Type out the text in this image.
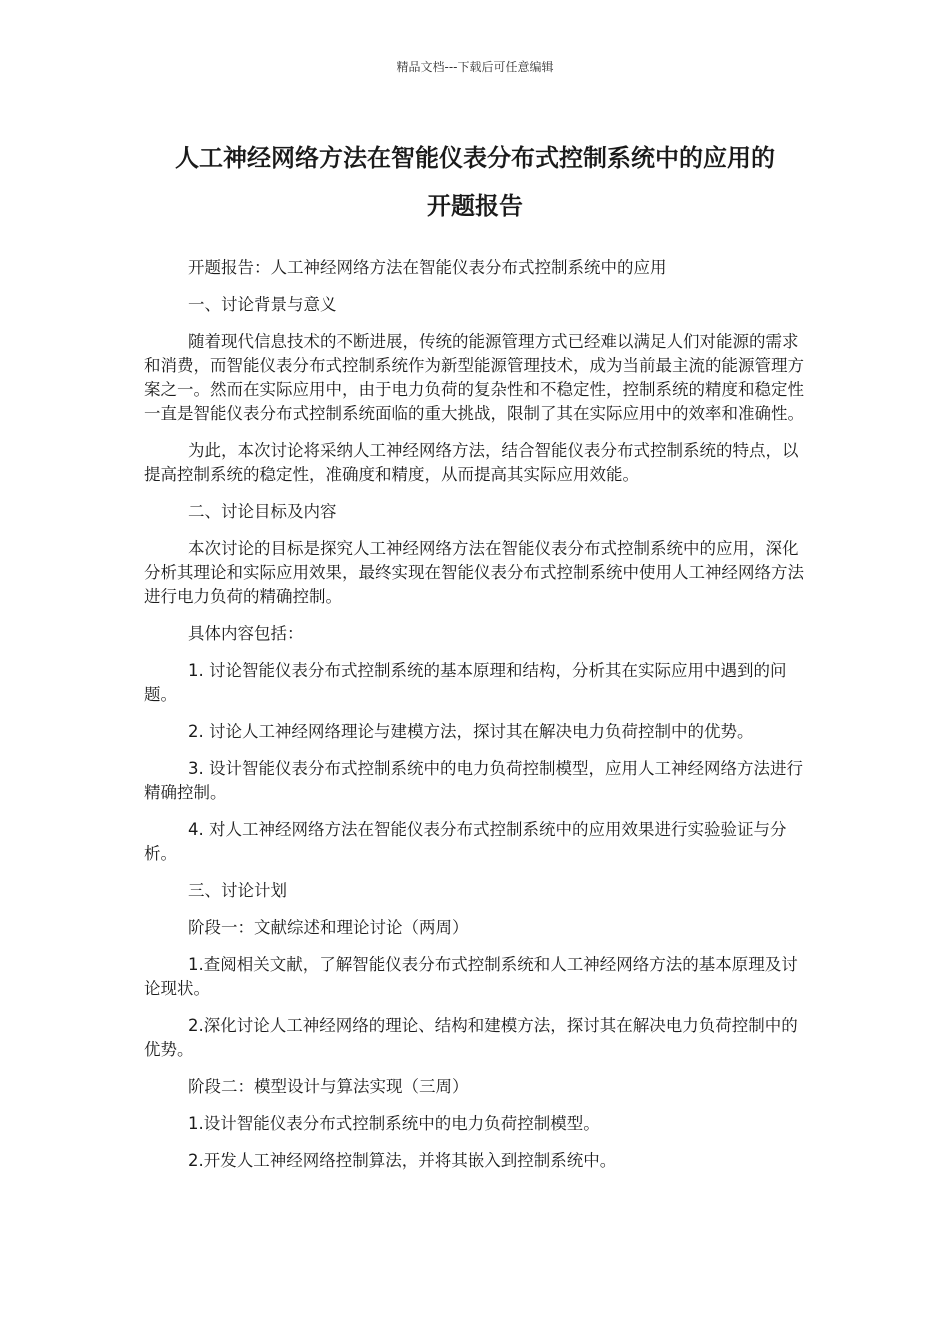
精品文档---下载后可任意编辑
人工神经网络方法在智能仪表分布式控制系统中的应用的
开题报告

开题报告：人工神经网络方法在智能仪表分布式控制系统中的应用

一、讨论背景与意义

随着现代信息技术的不断进展，传统的能源管理方式已经难以满足人们对能源的需求和消费，而智能仪表分布式控制系统作为新型能源管理技术，成为当前最主流的能源管理方案之一。然而在实际应用中，由于电力负荷的复杂性和不稳定性，控制系统的精度和稳定性一直是智能仪表分布式控制系统面临的重大挑战，限制了其在实际应用中的效率和准确性。

为此，本次讨论将采纳人工神经网络方法，结合智能仪表分布式控制系统的特点，以提高控制系统的稳定性，准确度和精度，从而提高其实际应用效能。

二、讨论目标及内容

本次讨论的目标是探究人工神经网络方法在智能仪表分布式控制系统中的应用，深化分析其理论和实际应用效果，最终实现在智能仪表分布式控制系统中使用人工神经网络方法进行电力负荷的精确控制。

具体内容包括：

1. 讨论智能仪表分布式控制系统的基本原理和结构，分析其在实际应用中遇到的问题。

2. 讨论人工神经网络理论与建模方法，探讨其在解决电力负荷控制中的优势。

3. 设计智能仪表分布式控制系统中的电力负荷控制模型，应用人工神经网络方法进行精确控制。

4. 对人工神经网络方法在智能仪表分布式控制系统中的应用效果进行实验验证与分析。

三、讨论计划

阶段一：文献综述和理论讨论（两周）

1.查阅相关文献，了解智能仪表分布式控制系统和人工神经网络方法的基本原理及讨论现状。

2.深化讨论人工神经网络的理论、结构和建模方法，探讨其在解决电力负荷控制中的优势。

阶段二：模型设计与算法实现（三周）

1.设计智能仪表分布式控制系统中的电力负荷控制模型。

2.开发人工神经网络控制算法，并将其嵌入到控制系统中。
